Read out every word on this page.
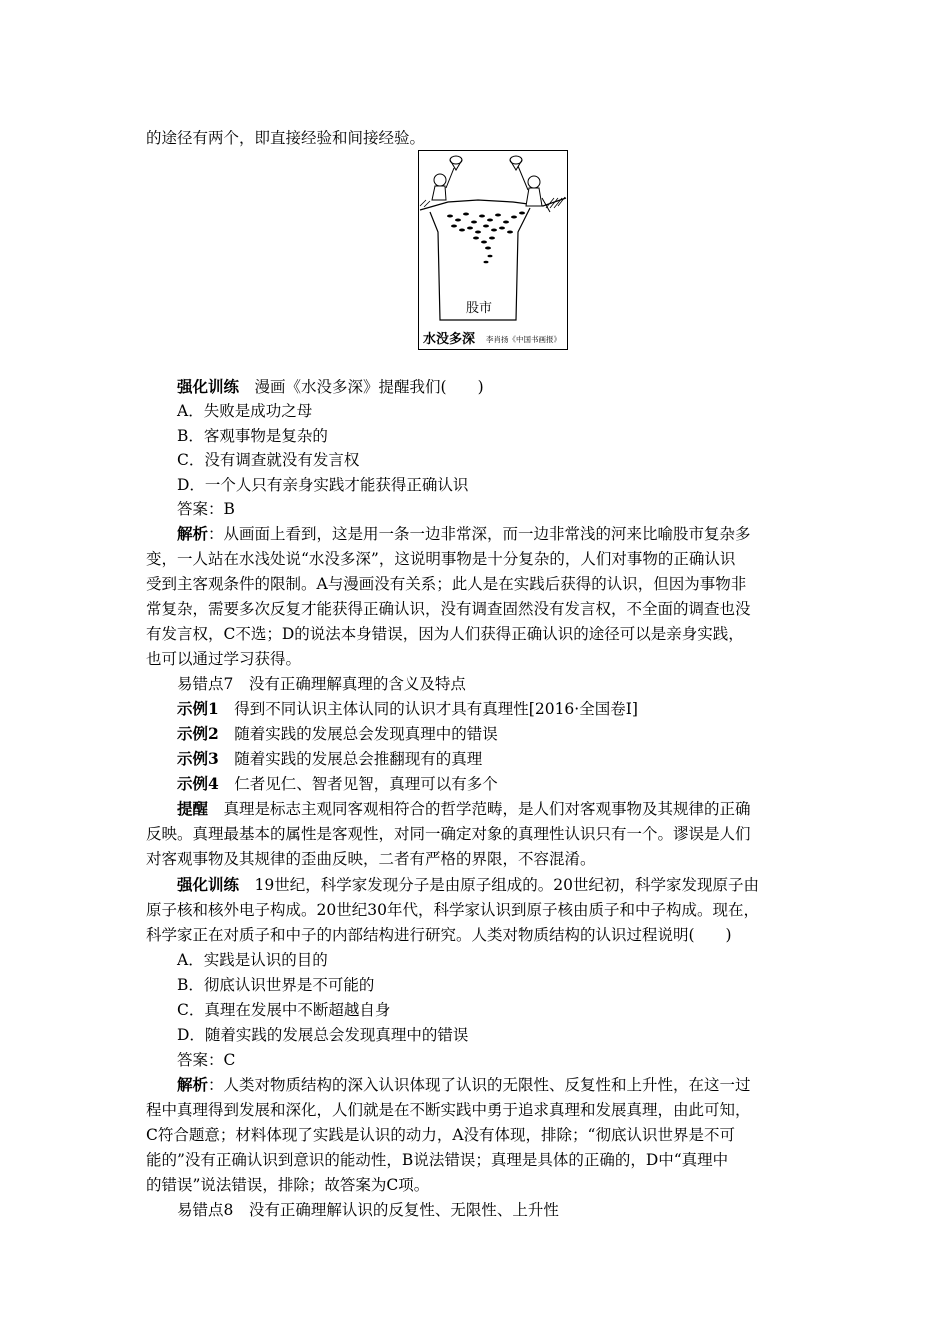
的途径有两个，即直接经验和间接经验。
股市
水没多深 李肖扬《中国书画报》
强化训练　漫画《水没多深》提醒我们(　　)
A．失败是成功之母
B．客观事物是复杂的
C．没有调查就没有发言权
D．一个人只有亲身实践才能获得正确认识
答案：B
解析：从画面上看到，这是用一条一边非常深，而一边非常浅的河来比喻股市复杂多
变，一人站在水浅处说“水没多深”，这说明事物是十分复杂的，人们对事物的正确认识
受到主客观条件的限制。A与漫画没有关系；此人是在实践后获得的认识，但因为事物非
常复杂，需要多次反复才能获得正确认识，没有调查固然没有发言权，不全面的调查也没
有发言权，C不选；D的说法本身错误，因为人们获得正确认识的途径可以是亲身实践，
也可以通过学习获得。
易错点7　没有正确理解真理的含义及特点
示例1　得到不同认识主体认同的认识才具有真理性[2016·全国卷Ⅰ]
示例2　随着实践的发展总会发现真理中的错误
示例3　随着实践的发展总会推翻现有的真理
示例4　仁者见仁、智者见智，真理可以有多个
提醒　真理是标志主观同客观相符合的哲学范畴，是人们对客观事物及其规律的正确
反映。真理最基本的属性是客观性，对同一确定对象的真理性认识只有一个。谬误是人们
对客观事物及其规律的歪曲反映，二者有严格的界限，不容混淆。
强化训练　19世纪，科学家发现分子是由原子组成的。20世纪初，科学家发现原子由
原子核和核外电子构成。20世纪30年代，科学家认识到原子核由质子和中子构成。现在，
科学家正在对质子和中子的内部结构进行研究。人类对物质结构的认识过程说明(　　)
A．实践是认识的目的
B．彻底认识世界是不可能的
C．真理在发展中不断超越自身
D．随着实践的发展总会发现真理中的错误
答案：C
解析：人类对物质结构的深入认识体现了认识的无限性、反复性和上升性，在这一过
程中真理得到发展和深化，人们就是在不断实践中勇于追求真理和发展真理，由此可知，
C符合题意；材料体现了实践是认识的动力，A没有体现，排除；“彻底认识世界是不可
能的”没有正确认识到意识的能动性，B说法错误；真理是具体的正确的，D中“真理中
的错误”说法错误，排除；故答案为C项。
易错点8　没有正确理解认识的反复性、无限性、上升性
